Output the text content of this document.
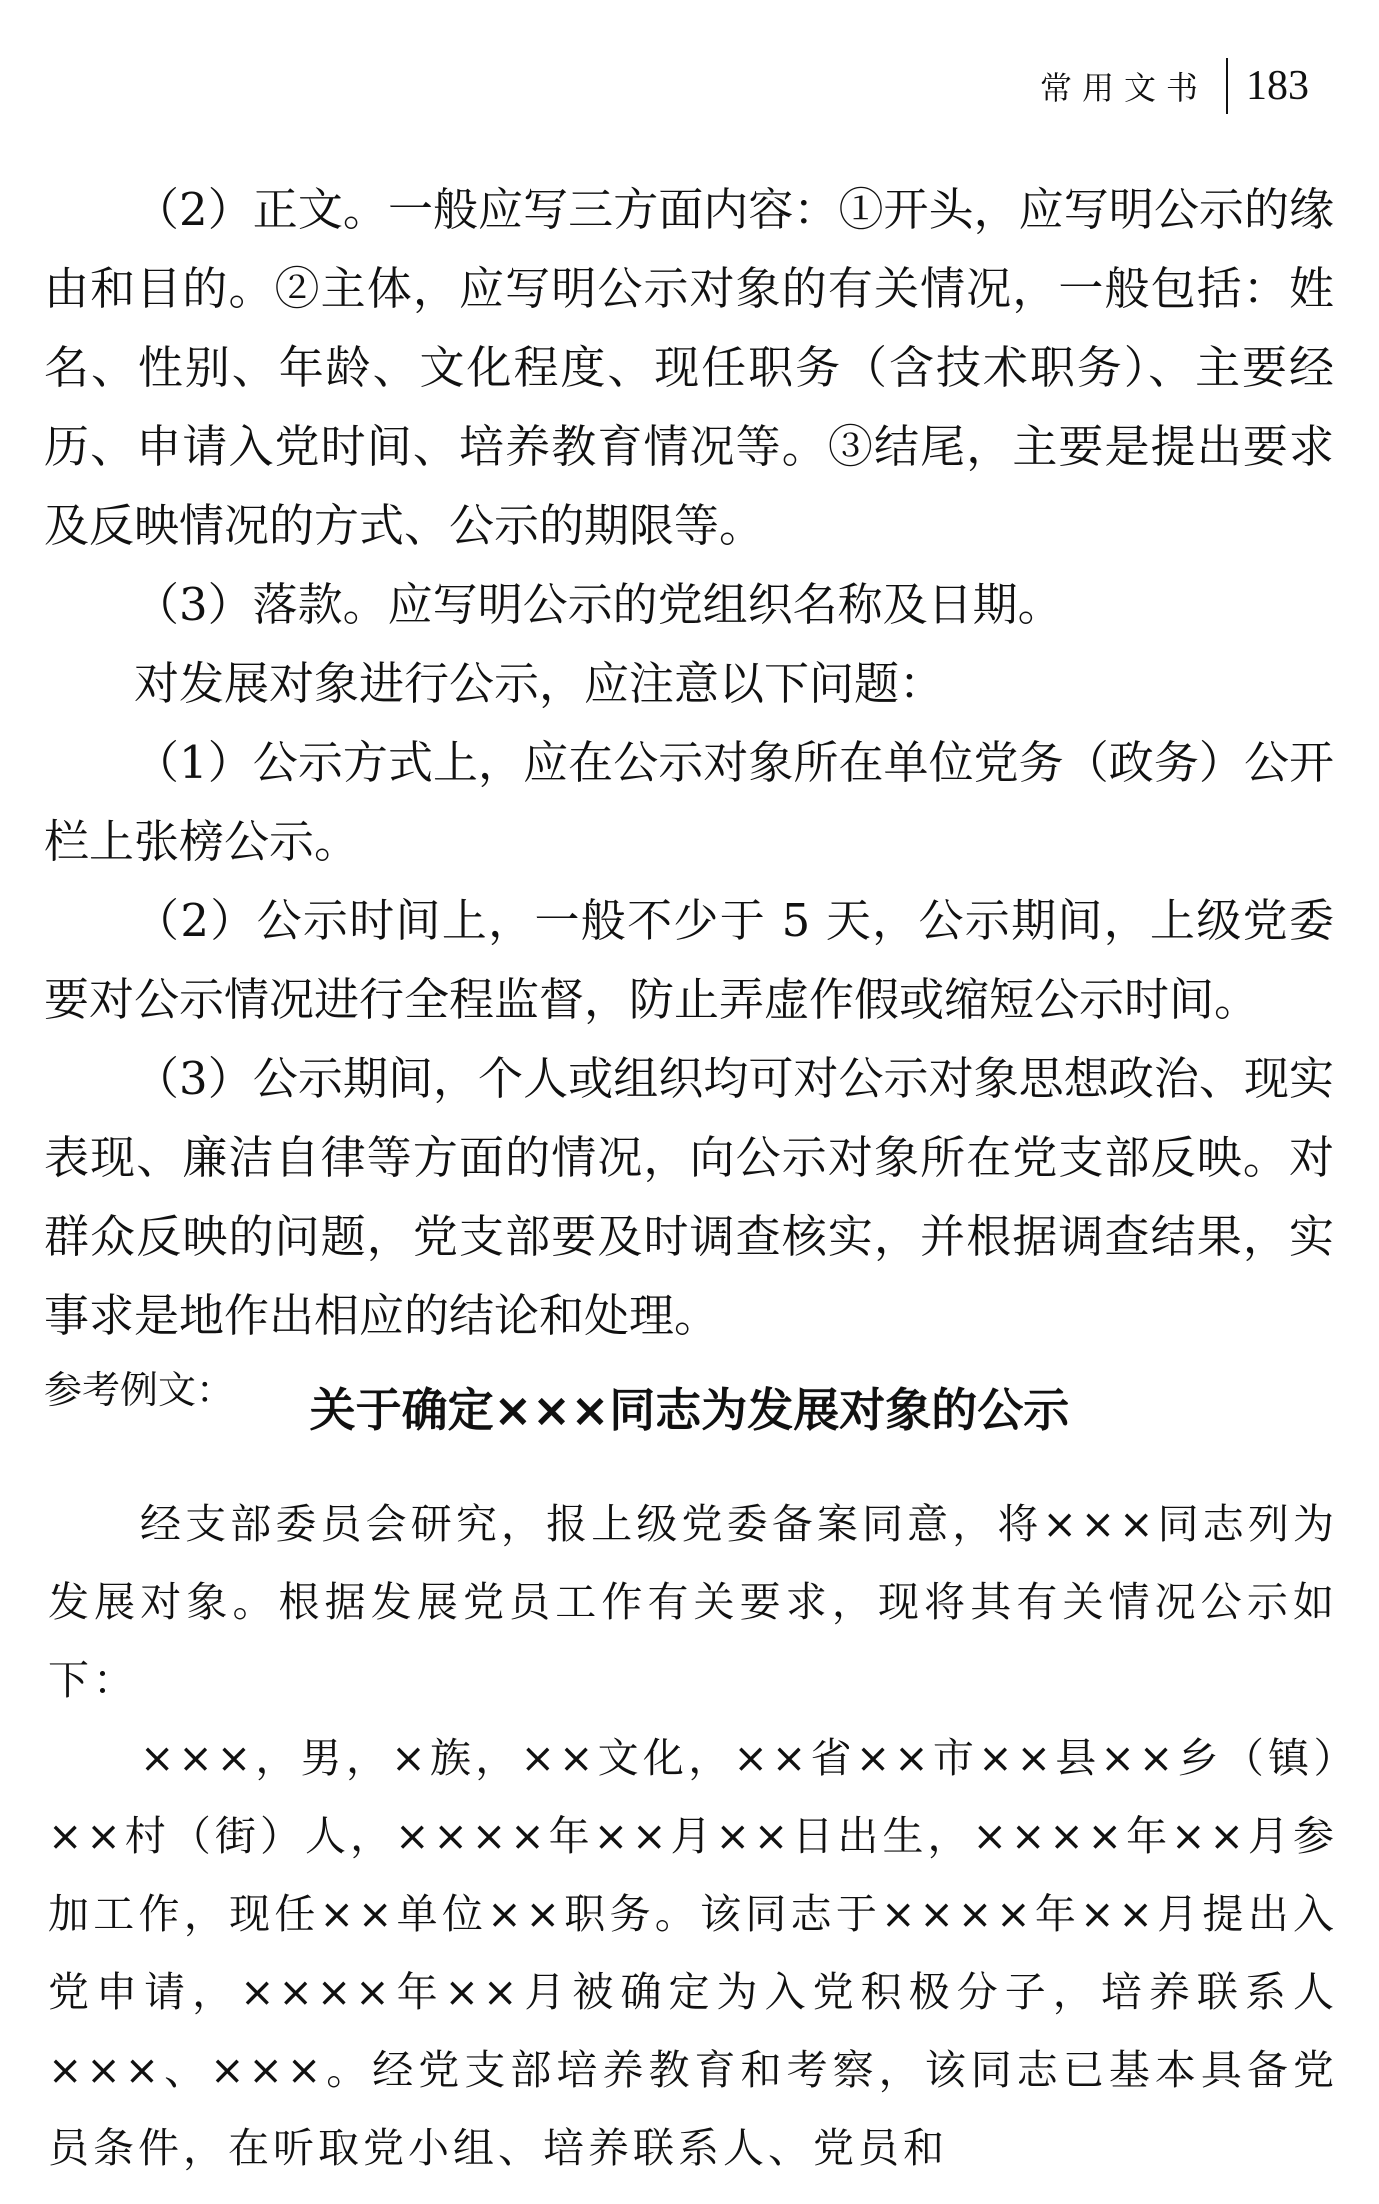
常用文书 183

（2）正文。一般应写三方面内容：①开头，应写明公示的缘由和目的。②主体，应写明公示对象的有关情况，一般包括：姓名、性别、年龄、文化程度、现任职务（含技术职务）、主要经历、申请入党时间、培养教育情况等。③结尾，主要是提出要求及反映情况的方式、公示的期限等。

（3）落款。应写明公示的党组织名称及日期。

对发展对象进行公示，应注意以下问题：

（1）公示方式上，应在公示对象所在单位党务（政务）公开栏上张榜公示。

（2）公示时间上，一般不少于 5 天，公示期间，上级党委要对公示情况进行全程监督，防止弄虚作假或缩短公示时间。

（3）公示期间，个人或组织均可对公示对象思想政治、现实表现、廉洁自律等方面的情况，向公示对象所在党支部反映。对群众反映的问题，党支部要及时调查核实，并根据调查结果，实事求是地作出相应的结论和处理。

参考例文：	关于确定×××同志为发展对象的公示

经支部委员会研究，报上级党委备案同意，将×××同志列为发展对象。根据发展党员工作有关要求，现将其有关情况公示如下：

×××，男，×族，××文化，××省××市××县××乡（镇）××村（街）人，××××年××月××日出生，××××年××月参加工作，现任××单位××职务。该同志于××××年××月提出入党申请，××××年××月被确定为入党积极分子，培养联系人×××、×××。经党支部培养教育和考察，该同志已基本具备党员条件，在听取党小组、培养联系人、党员和
